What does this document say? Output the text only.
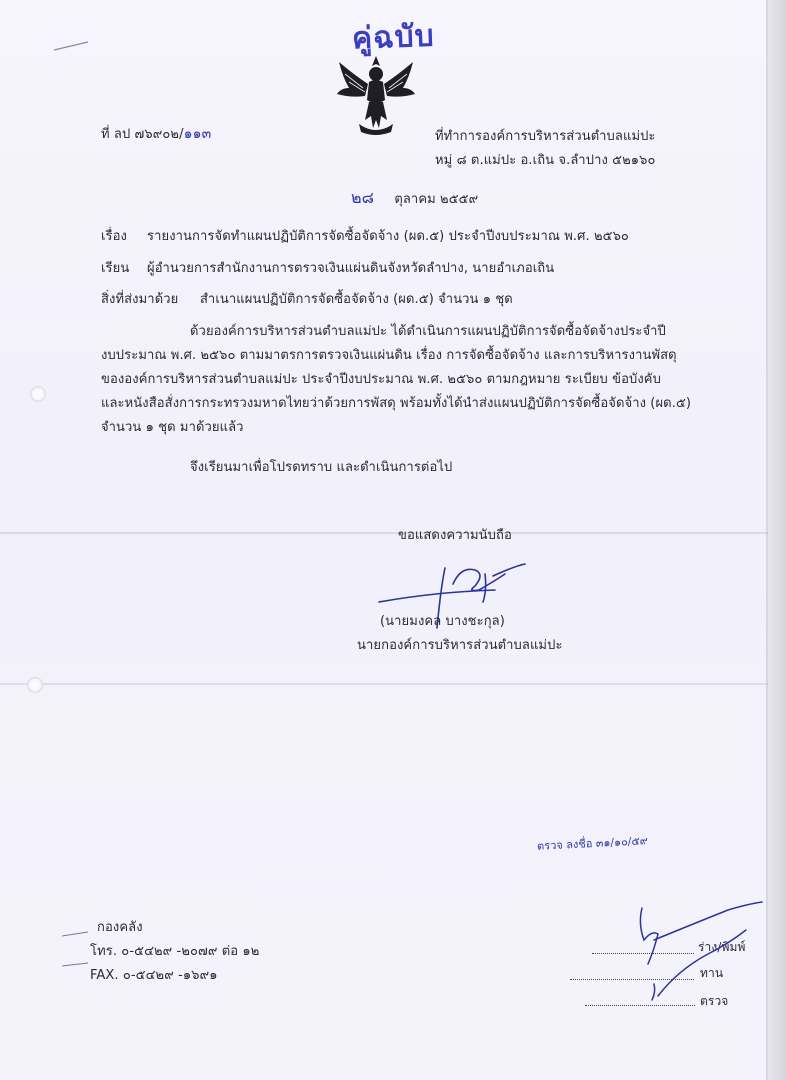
คู่ฉบับ
ที่ ลป ๗๖๙๐๒/๑๑๓	ที่ทำการองค์การบริหารส่วนตำบลแม่ปะ
หมู่ ๘ ต.แม่ปะ อ.เถิน จ.ลำปาง ๕๒๑๖๐
๒๘ ตุลาคม ๒๕๕๙
เรื่อง รายงานการจัดทำแผนปฏิบัติการจัดซื้อจัดจ้าง (ผด.๕) ประจำปีงบประมาณ พ.ศ. ๒๕๖๐
เรียน ผู้อำนวยการสำนักงานการตรวจเงินแผ่นดินจังหวัดลำปาง, นายอำเภอเถิน
สิ่งที่ส่งมาด้วย สำเนาแผนปฏิบัติการจัดซื้อจัดจ้าง (ผด.๕) จำนวน ๑ ชุด
ด้วยองค์การบริหารส่วนตำบลแม่ปะ ได้ดำเนินการแผนปฏิบัติการจัดซื้อจัดจ้างประจำปี
งบประมาณ พ.ศ. ๒๕๖๐ ตามมาตรการตรวจเงินแผ่นดิน เรื่อง การจัดซื้อจัดจ้าง และการบริหารงานพัสดุ
ขององค์การบริหารส่วนตำบลแม่ปะ ประจำปีงบประมาณ พ.ศ. ๒๕๖๐ ตามกฎหมาย ระเบียบ ข้อบังคับ
และหนังสือสั่งการกระทรวงมหาดไทยว่าด้วยการพัสดุ พร้อมทั้งได้นำส่งแผนปฏิบัติการจัดซื้อจัดจ้าง (ผด.๕)
จำนวน ๑ ชุด มาด้วยแล้ว
จึงเรียนมาเพื่อโปรดทราบ และดำเนินการต่อไป
ขอแสดงความนับถือ
(นายมงคล บางชะกุล)
นายกองค์การบริหารส่วนตำบลแม่ปะ
ตรวจ ลงชื่อ ๓๑/๑๐/๕๙
กองคลัง
โทร. ๐-๕๔๒๙ -๒๐๗๙ ต่อ ๑๒
FAX. ๐-๕๔๒๙ -๑๖๙๑
ร่าง/พิมพ์
ทาน
ตรวจ
